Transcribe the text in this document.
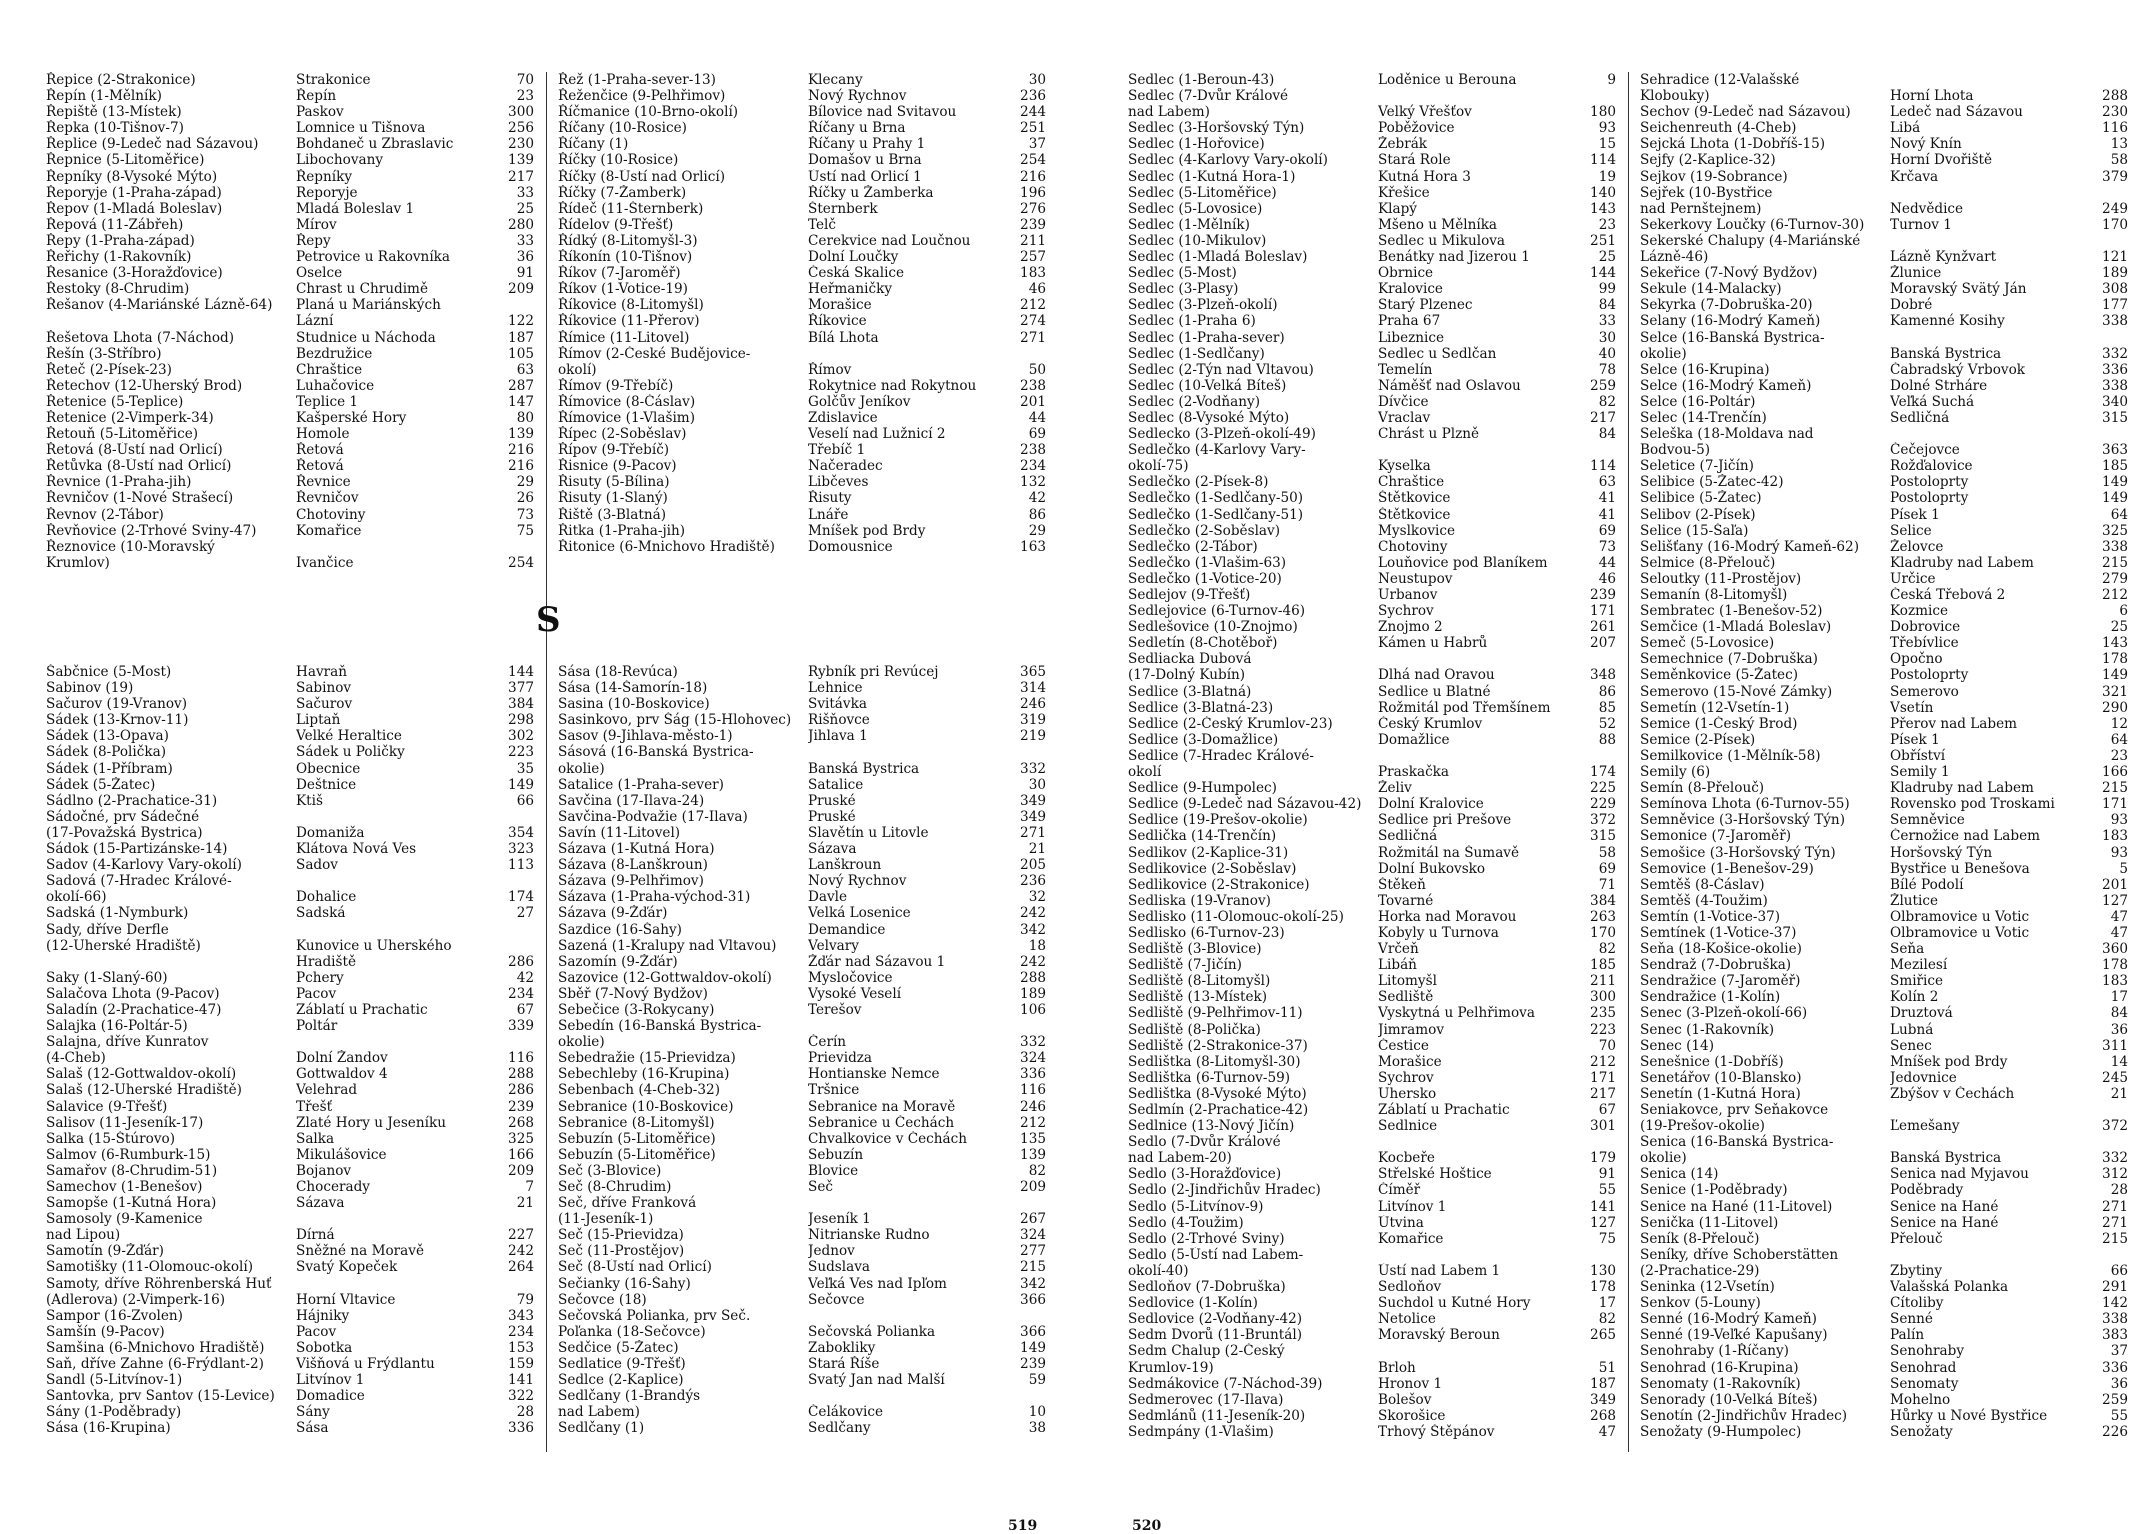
Řepice (2-Strakonice)	Strakonice	70
Řepín (1-Mělník)	Řepín	23
Řepiště (13-Místek)	Paskov	300
Řepka (10-Tišnov-7)	Lomnice u Tišnova	256
Řeplice (9-Ledeč nad Sázavou)	Bohdaneč u Zbraslavic	230
Řepnice (5-Litoměřice)	Libochovany	139
Řepníky (8-Vysoké Mýto)	Řepníky	217
Řeporyje (1-Praha-západ)	Reporyje	33
Řepov (1-Mladá Boleslav)	Mladá Boleslav 1	25
Řepová (11-Zábřeh)	Mírov	280
Řepy (1-Praha-západ)	Řepy	33
Řeřichy (1-Rakovník)	Petrovice u Rakovníka	36
Řesanice (3-Horažďovice)	Oselce	91
Řestoky (8-Chrudim)	Chrast u Chrudimě	209
Řešanov (4-Mariánské Lázně-64)	Planá u Mariánských
Lázní	122
Řešetova Lhota (7-Náchod)	Studnice u Náchoda	187
Řešín (3-Stříbro)	Bezdružice	105
Řeteč (2-Písek-23)	Chraštice	63
Řetechov (12-Uherský Brod)	Luhačovice	287
Řetenice (5-Teplice)	Teplice 1	147
Řetenice (2-Vimperk-34)	Kašperské Hory	80
Řetouň (5-Litoměřice)	Homole	139
Řetová (8-Ústí nad Orlicí)	Řetová	216
Řetůvka (8-Ústí nad Orlicí)	Řetová	216
Řevnice (1-Praha-jih)	Řevnice	29
Řevničov (1-Nové Strašecí)	Řevničov	26
Řevnov (2-Tábor)	Chotoviny	73
Řevňovice (2-Trhové Sviny-47)	Komařice	75
Řeznovice (10-Moravský
Krumlov)	Ivančice	254
Řež (1-Praha-sever-13)	Klecany	30
Řeženčice (9-Pelhřimov)	Nový Rychnov	236
Říčmanice (10-Brno-okolí)	Bílovice nad Svitavou	244
Říčany (10-Rosice)	Říčany u Brna	251
Říčany (1)	Říčany u Prahy 1	37
Říčky (10-Rosice)	Domašov u Brna	254
Říčky (8-Ústí nad Orlicí)	Ústí nad Orlicí 1	216
Říčky (7-Žamberk)	Říčky u Žamberka	196
Řídeč (11-Šternberk)	Šternberk	276
Řídelov (9-Třešť)	Telč	239
Řídký (8-Litomyšl-3)	Cerekvice nad Loučnou	211
Říkonín (10-Tišnov)	Dolní Loučky	257
Říkov (7-Jaroměř)	Česká Skalice	183
Říkov (1-Votice-19)	Heřmaničky	46
Říkovice (8-Litomyšl)	Morašice	212
Říkovice (11-Přerov)	Říkovice	274
Římice (11-Litovel)	Bílá Lhota	271
Římov (2-České Budějovice-
okolí)	Římov	50
Římov (9-Třebíč)	Rokytnice nad Rokytnou	238
Římovice (8-Čáslav)	Golčův Jeníkov	201
Římovice (1-Vlašim)	Zdislavice	44
Řípec (2-Soběslav)	Veselí nad Lužnicí 2	69
Řípov (9-Třebíč)	Třebíč 1	238
Řisnice (9-Pacov)	Načeradec	234
Řisuty (5-Bílina)	Libčeves	132
Řisuty (1-Slaný)	Řisuty	42
Řiště (3-Blatná)	Lnáře	86
Řitka (1-Praha-jih)	Mníšek pod Brdy	29
Řitonice (6-Mnichovo Hradiště)	Domousnice	163
S
Šabčnice (5-Most)	Havraň	144
Sabinov (19)	Sabinov	377
Sačurov (19-Vranov)	Sačurov	384
Sádek (13-Krnov-11)	Liptaň	298
Sádek (13-Opava)	Velké Heraltice	302
Sádek (8-Polička)	Sádek u Poličky	223
Sádek (1-Příbram)	Obecnice	35
Sádek (5-Žatec)	Deštnice	149
Sádlno (2-Prachatice-31)	Ktiš	66
Sádočné, prv Sádečné
(17-Považská Bystrica)	Domaniža	354
Sádok (15-Partizánske-14)	Klátova Nová Ves	323
Sadov (4-Karlovy Vary-okolí)	Sadov	113
Sadová (7-Hradec Králové-
okolí-66)	Dohalice	174
Sadská (1-Nymburk)	Sadská	27
Sady, dříve Derfle
(12-Uherské Hradiště)	Kunovice u Uherského
Hradiště	286
Saky (1-Slaný-60)	Pchery	42
Salačova Lhota (9-Pacov)	Pacov	234
Saladín (2-Prachatice-47)	Záblatí u Prachatic	67
Salajka (16-Poltár-5)	Poltár	339
Salajna, dříve Kunratov
(4-Cheb)	Dolní Žandov	116
Salaš (12-Gottwaldov-okolí)	Gottwaldov 4	288
Salaš (12-Uherské Hradiště)	Velehrad	286
Salavice (9-Třešť)	Třešť	239
Salisov (11-Jeseník-17)	Zlaté Hory u Jeseníku	268
Salka (15-Štúrovo)	Salka	325
Salmov (6-Rumburk-15)	Mikulášovice	166
Samařov (8-Chrudim-51)	Bojanov	209
Samechov (1-Benešov)	Chocerady	7
Samopše (1-Kutná Hora)	Sázava	21
Samosoly (9-Kamenice
nad Lipou)	Dírná	227
Samotín (9-Žďár)	Sněžné na Moravě	242
Samotišky (11-Olomouc-okolí)	Svatý Kopeček	264
Samoty, dříve Röhrenberská Huť
(Adlerova) (2-Vimperk-16)	Horní Vltavice	79
Sampor (16-Zvolen)	Hájniky	343
Samšín (9-Pacov)	Pacov	234
Samšina (6-Mnichovo Hradiště)	Sobotka	153
Saň, dříve Zahne (6-Frýdlant-2)	Višňová u Frýdlantu	159
Sandl (5-Litvínov-1)	Litvínov 1	141
Santovka, prv Santov (15-Levice)	Domadice	322
Sány (1-Poděbrady)	Sány	28
Sása (16-Krupina)	Sása	336
Sása (18-Revúca)	Rybník pri Revúcej	365
Sása (14-Šamorín-18)	Lehnice	314
Sasina (10-Boskovice)	Svitávka	246
Sasinkovo, prv Šág (15-Hlohovec)	Rišňovce	319
Sasov (9-Jihlava-město-1)	Jihlava 1	219
Sásová (16-Banská Bystrica-
okolie)	Banská Bystrica	332
Satalice (1-Praha-sever)	Satalice	30
Savčina (17-Ilava-24)	Pruské	349
Savčina-Podvažie (17-Ilava)	Pruské	349
Savín (11-Litovel)	Slavětín u Litovle	271
Sázava (1-Kutná Hora)	Sázava	21
Sázava (8-Lanškroun)	Lanškroun	205
Sázava (9-Pelhřimov)	Nový Rychnov	236
Sázava (1-Praha-východ-31)	Davle	32
Sázava (9-Žďár)	Velká Losenice	242
Sazdice (16-Šahy)	Demandice	342
Sazená (1-Kralupy nad Vltavou)	Velvary	18
Sazomín (9-Žďár)	Žďár nad Sázavou 1	242
Sazovice (12-Gottwaldov-okolí)	Mysločovice	288
Sběř (7-Nový Bydžov)	Vysoké Veselí	189
Sebečice (3-Rokycany)	Terešov	106
Sebedín (16-Banská Bystrica-
okolie)	Čerín	332
Sebedražie (15-Prievidza)	Prievidza	324
Sebechleby (16-Krupina)	Hontianske Nemce	336
Sebenbach (4-Cheb-32)	Tršnice	116
Sebranice (10-Boskovice)	Sebranice na Moravě	246
Sebranice (8-Litomyšl)	Sebranice u Čechách	212
Sebuzín (5-Litoměřice)	Chvalkovice v Čechách	135
Sebuzín (5-Litoměřice)	Sebuzín	139
Seč (3-Blovice)	Blovice	82
Seč (8-Chrudim)	Seč	209
Seč, dříve Franková
(11-Jeseník-1)	Jeseník 1	267
Seč (15-Prievidza)	Nitrianske Rudno	324
Seč (11-Prostějov)	Jednov	277
Seč (8-Ústí nad Orlicí)	Sudslava	215
Sečianky (16-Šahy)	Veľká Ves nad Ipľom	342
Sečovce (18)	Sečovce	366
Sečovská Polianka, prv Seč.
Poľanka (18-Sečovce)	Sečovská Polianka	366
Sedčice (5-Žatec)	Zabokliky	149
Sedlatice (9-Třešť)	Stará Říše	239
Sedlce (2-Kaplice)	Svatý Jan nad Malší	59
Sedlčany (1-Brandýs
nad Labem)	Čelákovice	10
Sedlčany (1)	Sedlčany	38
519
Sedlec (1-Beroun-43)	Loděnice u Berouna	9
Sedlec (7-Dvůr Králové
nad Labem)	Velký Vřešťov	180
Sedlec (3-Horšovský Týn)	Poběžovice	93
Sedlec (1-Hořovice)	Žebrák	15
Sedlec (4-Karlovy Vary-okolí)	Stará Role	114
Sedlec (1-Kutná Hora-1)	Kutná Hora 3	19
Sedlec (5-Litoměřice)	Křešice	140
Sedlec (5-Lovosice)	Klapý	143
Sedlec (1-Mělník)	Mšeno u Mělníka	23
Sedlec (10-Mikulov)	Sedlec u Mikulova	251
Sedlec (1-Mladá Boleslav)	Benátky nad Jizerou 1	25
Sedlec (5-Most)	Obrnice	144
Sedlec (3-Plasy)	Kralovice	99
Sedlec (3-Plzeň-okolí)	Starý Plzenec	84
Sedlec (1-Praha 6)	Praha 67	33
Sedlec (1-Praha-sever)	Libeznice	30
Sedlec (1-Sedlčany)	Sedlec u Sedlčan	40
Sedlec (2-Týn nad Vltavou)	Temelín	78
Sedlec (10-Velká Bíteš)	Náměšť nad Oslavou	259
Sedlec (2-Vodňany)	Dívčice	82
Sedlec (8-Vysoké Mýto)	Vraclav	217
Sedlecko (3-Plzeň-okolí-49)	Chrást u Plzně	84
Sedlečko (4-Karlovy Vary-
okolí-75)	Kyselka	114
Sedlečko (2-Písek-8)	Chraštice	63
Sedlečko (1-Sedlčany-50)	Štětkovice	41
Sedlečko (1-Sedlčany-51)	Štětkovice	41
Sedlečko (2-Soběslav)	Myslkovice	69
Sedlečko (2-Tábor)	Chotoviny	73
Sedlečko (1-Vlašim-63)	Louňovice pod Blaníkem	44
Sedlečko (1-Votice-20)	Neustupov	46
Sedlejov (9-Třešť)	Urbanov	239
Sedlejovice (6-Turnov-46)	Sychrov	171
Sedlešovice (10-Znojmo)	Znojmo 2	261
Sedletín (8-Chotěboř)	Kámen u Habrů	207
Sedliacka Dubová
(17-Dolný Kubín)	Dlhá nad Oravou	348
Sedlice (3-Blatná)	Sedlice u Blatné	86
Sedlice (3-Blatná-23)	Rožmitál pod Třemšínem	85
Sedlice (2-Český Krumlov-23)	Český Krumlov	52
Sedlice (3-Domažlice)	Domažlice	88
Sedlice (7-Hradec Králové-
okolí	Praskačka	174
Sedlice (9-Humpolec)	Želiv	225
Sedlice (9-Ledeč nad Sázavou-42)	Dolní Kralovice	229
Sedlice (19-Prešov-okolie)	Sedlice pri Prešove	372
Sedlička (14-Trenčín)	Sedličná	315
Sedlikov (2-Kaplice-31)	Rožmitál na Šumavě	58
Sedlikovice (2-Soběslav)	Dolní Bukovsko	69
Sedlikovice (2-Strakonice)	Štěkeň	71
Sedliska (19-Vranov)	Tovarné	384
Sedlisko (11-Olomouc-okolí-25)	Horka nad Moravou	263
Sedlisko (6-Turnov-23)	Kobyly u Turnova	170
Sedliště (3-Blovice)	Vrčeň	82
Sedliště (7-Jičín)	Libáň	185
Sedliště (8-Litomyšl)	Litomyšl	211
Sedliště (13-Místek)	Sedliště	300
Sedliště (9-Pelhřimov-11)	Vyskytná u Pelhřimova	235
Sedliště (8-Polička)	Jimramov	223
Sedliště (2-Strakonice-37)	Čestice	70
Sedlištka (8-Litomyšl-30)	Morašice	212
Sedlištka (6-Turnov-59)	Sychrov	171
Sedlištka (8-Vysoké Mýto)	Uhersko	217
Sedlmín (2-Prachatice-42)	Záblatí u Prachatic	67
Sedlnice (13-Nový Jičín)	Sedlnice	301
Sedlo (7-Dvůr Králové
nad Labem-20)	Kocbeře	179
Sedlo (3-Horažďovice)	Střelské Hoštice	91
Sedlo (2-Jindřichův Hradec)	Číměř	55
Sedlo (5-Litvínov-9)	Litvínov 1	141
Sedlo (4-Toužim)	Útvina	127
Sedlo (2-Trhové Sviny)	Komařice	75
Sedlo (5-Ústí nad Labem-
okolí-40)	Ústí nad Labem 1	130
Sedloňov (7-Dobruška)	Sedloňov	178
Sedlovice (1-Kolín)	Suchdol u Kutné Hory	17
Sedlovice (2-Vodňany-42)	Netolice	82
Sedm Dvorů (11-Bruntál)	Moravský Beroun	265
Sedm Chalup (2-Český
Krumlov-19)	Brloh	51
Sedmákovice (7-Náchod-39)	Hronov 1	187
Sedmerovec (17-Ilava)	Bolešov	349
Sedmlánů (11-Jeseník-20)	Skorošice	268
Sedmpány (1-Vlašim)	Trhový Štěpánov	47
Sehradice (12-Valašské
Klobouky)	Horní Lhota	288
Sechov (9-Ledeč nad Sázavou)	Ledeč nad Sázavou	230
Seichenreuth (4-Cheb)	Libá	116
Sejcká Lhota (1-Dobříš-15)	Nový Knín	13
Sejfy (2-Kaplice-32)	Horní Dvořiště	58
Sejkov (19-Sobrance)	Krčava	379
Sejřek (10-Bystřice
nad Pernštejnem)	Nedvědice	249
Sekerkovy Loučky (6-Turnov-30)	Turnov 1	170
Sekerské Chalupy (4-Mariánské
Lázně-46)	Lázně Kynžvart	121
Sekeřice (7-Nový Bydžov)	Žlunice	189
Sekule (14-Malacky)	Moravský Svätý Ján	308
Sekyrka (7-Dobruška-20)	Dobré	177
Selany (16-Modrý Kameň)	Kamenné Kosihy	338
Selce (16-Banská Bystrica-
okolie)	Banská Bystrica	332
Selce (16-Krupina)	Čabradský Vrbovok	336
Selce (16-Modrý Kameň)	Dolné Strháre	338
Selce (16-Poltár)	Veľká Suchá	340
Selec (14-Trenčín)	Sedličná	315
Seleška (18-Moldava nad
Bodvou-5)	Čečejovce	363
Seletice (7-Jičín)	Rožďalovice	185
Selibice (5-Žatec-42)	Postoloprty	149
Selibice (5-Žatec)	Postoloprty	149
Selibov (2-Písek)	Písek 1	64
Selice (15-Šaľa)	Selice	325
Selišťany (16-Modrý Kameň-62)	Želovce	338
Selmice (8-Přelouč)	Kladruby nad Labem	215
Seloutky (11-Prostějov)	Určice	279
Semanín (8-Litomyšl)	Česká Třebová 2	212
Sembratec (1-Benešov-52)	Kozmice	6
Semčice (1-Mladá Boleslav)	Dobrovice	25
Semeč (5-Lovosice)	Třebívlice	143
Semechnice (7-Dobruška)	Opočno	178
Seměnkovice (5-Žatec)	Postoloprty	149
Semerovo (15-Nové Zámky)	Semerovo	321
Semetín (12-Vsetín-1)	Vsetín	290
Semice (1-Český Brod)	Přerov nad Labem	12
Semice (2-Písek)	Písek 1	64
Semilkovice (1-Mělník-58)	Obříství	23
Semily (6)	Semily 1	166
Semín (8-Přelouč)	Kladruby nad Labem	215
Semínova Lhota (6-Turnov-55)	Rovensko pod Troskami	171
Semněvice (3-Horšovský Týn)	Semněvice	93
Semonice (7-Jaroměř)	Černožice nad Labem	183
Semošice (3-Horšovský Týn)	Horšovský Týn	93
Semovice (1-Benešov-29)	Bystřice u Benešova	5
Semtěš (8-Čáslav)	Bílé Podolí	201
Semtěš (4-Toužim)	Žlutice	127
Semtín (1-Votice-37)	Olbramovice u Votic	47
Semtínek (1-Votice-37)	Olbramovice u Votic	47
Seňa (18-Košice-okolie)	Seňa	360
Sendraž (7-Dobruška)	Mezilesí	178
Sendražice (7-Jaroměř)	Smiřice	183
Sendražice (1-Kolín)	Kolín 2	17
Senec (3-Plzeň-okolí-66)	Druztová	84
Senec (1-Rakovník)	Lubná	36
Senec (14)	Senec	311
Senešnice (1-Dobříš)	Mníšek pod Brdy	14
Senetářov (10-Blansko)	Jedovnice	245
Senetín (1-Kutná Hora)	Zbýšov v Čechách	21
Seniakovce, prv Seňakovce
(19-Prešov-okolie)	Ľemešany	372
Senica (16-Banská Bystrica-
okolie)	Banská Bystrica	332
Senica (14)	Senica nad Myjavou	312
Senice (1-Poděbrady)	Poděbrady	28
Senice na Hané (11-Litovel)	Senice na Hané	271
Senička (11-Litovel)	Senice na Hané	271
Seník (8-Přelouč)	Přelouč	215
Seníky, dříve Schoberstätten
(2-Prachatice-29)	Zbytiny	66
Seninka (12-Vsetín)	Valašská Polanka	291
Senkov (5-Louny)	Cítoliby	142
Senné (16-Modrý Kameň)	Senné	338
Senné (19-Veľké Kapušany)	Palín	383
Senohraby (1-Říčany)	Senohraby	37
Senohrad (16-Krupina)	Senohrad	336
Senomaty (1-Rakovník)	Senomaty	36
Senorady (10-Velká Bíteš)	Mohelno	259
Senotín (2-Jindřichův Hradec)	Hůrky u Nové Bystřice	55
Senožaty (9-Humpolec)	Senožaty	226
520
